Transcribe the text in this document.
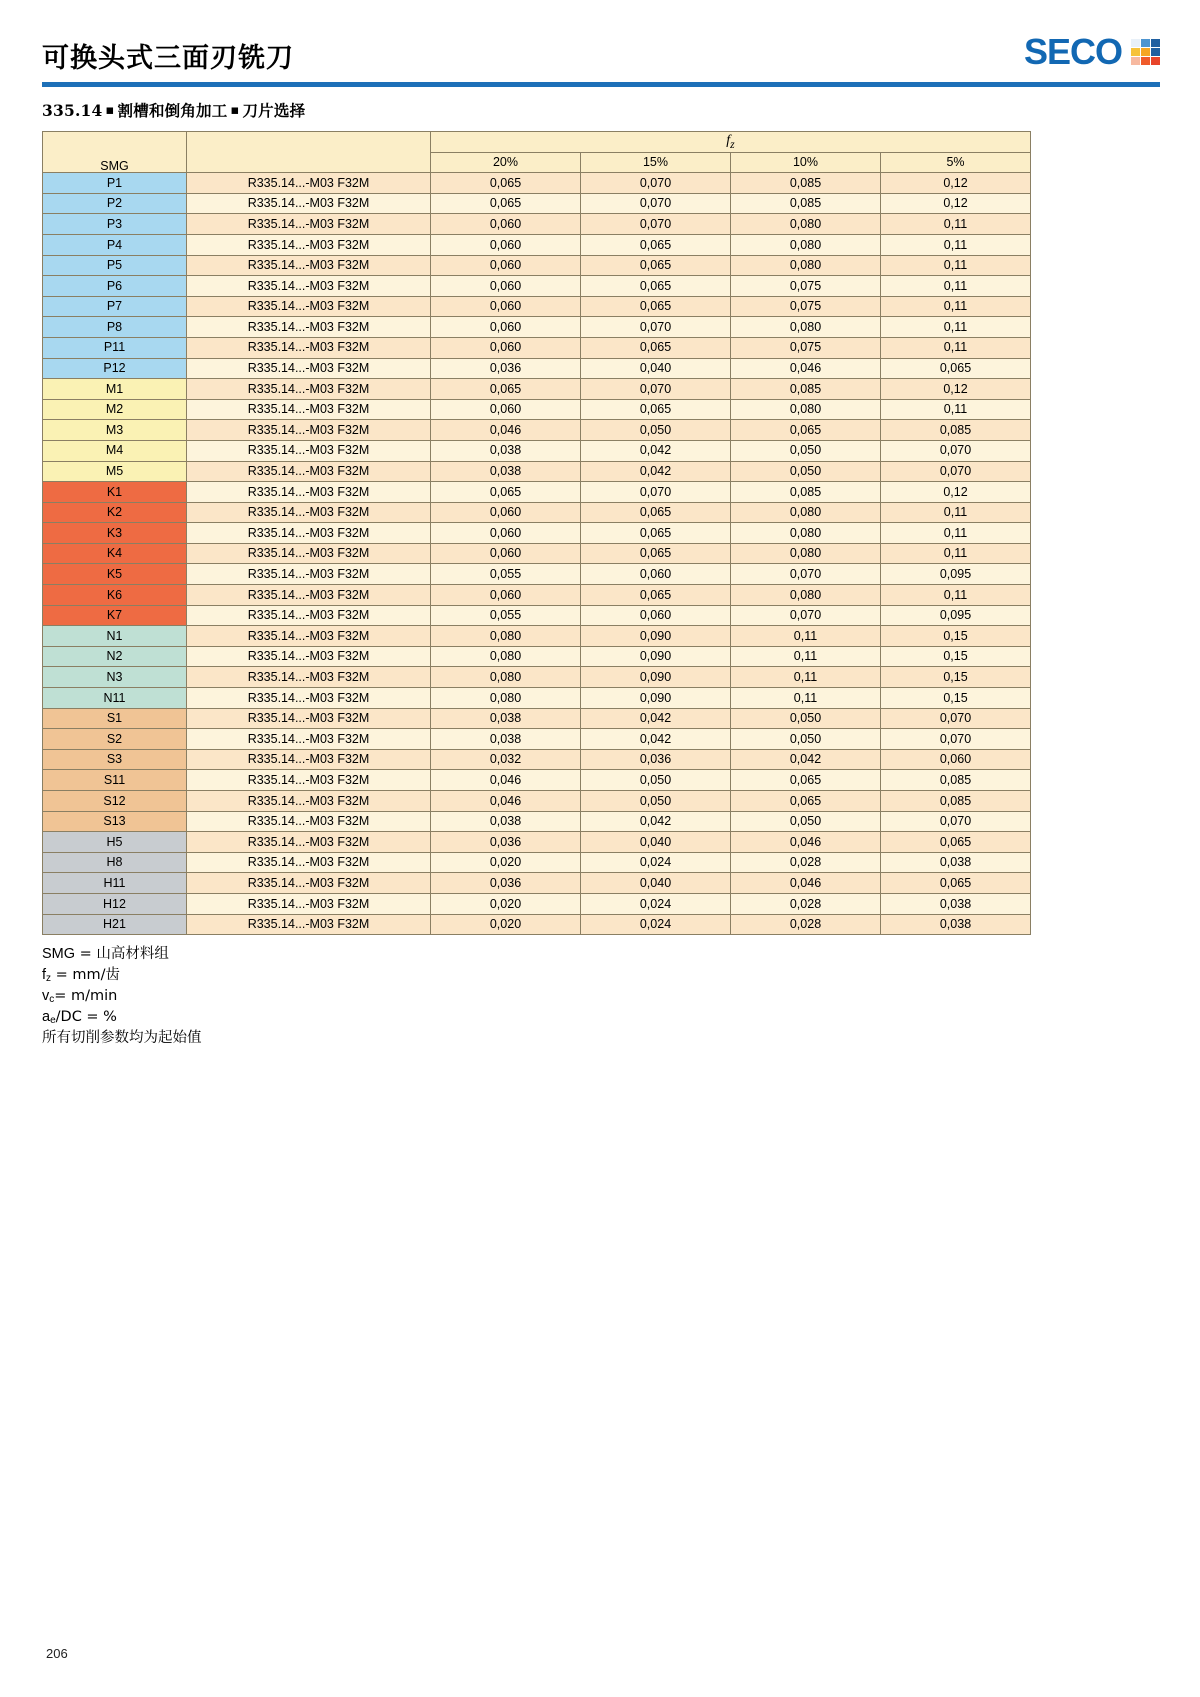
可换头式三面刃铣刀	SECO
335.14 ▪ 割槽和倒角加工 ▪ 刀片选择
SMG		$f_z$
		20%	15%	10%	5%
P1	R335.14...-M03 F32M	0,065	0,070	0,085	0,12
P2	R335.14...-M03 F32M	0,065	0,070	0,085	0,12
P3	R335.14...-M03 F32M	0,060	0,070	0,080	0,11
P4	R335.14...-M03 F32M	0,060	0,065	0,080	0,11
P5	R335.14...-M03 F32M	0,060	0,065	0,080	0,11
P6	R335.14...-M03 F32M	0,060	0,065	0,075	0,11
P7	R335.14...-M03 F32M	0,060	0,065	0,075	0,11
P8	R335.14...-M03 F32M	0,060	0,070	0,080	0,11
P11	R335.14...-M03 F32M	0,060	0,065	0,075	0,11
P12	R335.14...-M03 F32M	0,036	0,040	0,046	0,065
M1	R335.14...-M03 F32M	0,065	0,070	0,085	0,12
M2	R335.14...-M03 F32M	0,060	0,065	0,080	0,11
M3	R335.14...-M03 F32M	0,046	0,050	0,065	0,085
M4	R335.14...-M03 F32M	0,038	0,042	0,050	0,070
M5	R335.14...-M03 F32M	0,038	0,042	0,050	0,070
K1	R335.14...-M03 F32M	0,065	0,070	0,085	0,12
K2	R335.14...-M03 F32M	0,060	0,065	0,080	0,11
K3	R335.14...-M03 F32M	0,060	0,065	0,080	0,11
K4	R335.14...-M03 F32M	0,060	0,065	0,080	0,11
K5	R335.14...-M03 F32M	0,055	0,060	0,070	0,095
K6	R335.14...-M03 F32M	0,060	0,065	0,080	0,11
K7	R335.14...-M03 F32M	0,055	0,060	0,070	0,095
N1	R335.14...-M03 F32M	0,080	0,090	0,11	0,15
N2	R335.14...-M03 F32M	0,080	0,090	0,11	0,15
N3	R335.14...-M03 F32M	0,080	0,090	0,11	0,15
N11	R335.14...-M03 F32M	0,080	0,090	0,11	0,15
S1	R335.14...-M03 F32M	0,038	0,042	0,050	0,070
S2	R335.14...-M03 F32M	0,038	0,042	0,050	0,070
S3	R335.14...-M03 F32M	0,032	0,036	0,042	0,060
S11	R335.14...-M03 F32M	0,046	0,050	0,065	0,085
S12	R335.14...-M03 F32M	0,046	0,050	0,065	0,085
S13	R335.14...-M03 F32M	0,038	0,042	0,050	0,070
H5	R335.14...-M03 F32M	0,036	0,040	0,046	0,065
H8	R335.14...-M03 F32M	0,020	0,024	0,028	0,038
H11	R335.14...-M03 F32M	0,036	0,040	0,046	0,065
H12	R335.14...-M03 F32M	0,020	0,024	0,028	0,038
H21	R335.14...-M03 F32M	0,020	0,024	0,028	0,038
SMG = 山高材料组
$f_z = mm/$齿
$v_c= m/\min$
$a_e/DC$ = %
所有切削参数均为起始值
206
